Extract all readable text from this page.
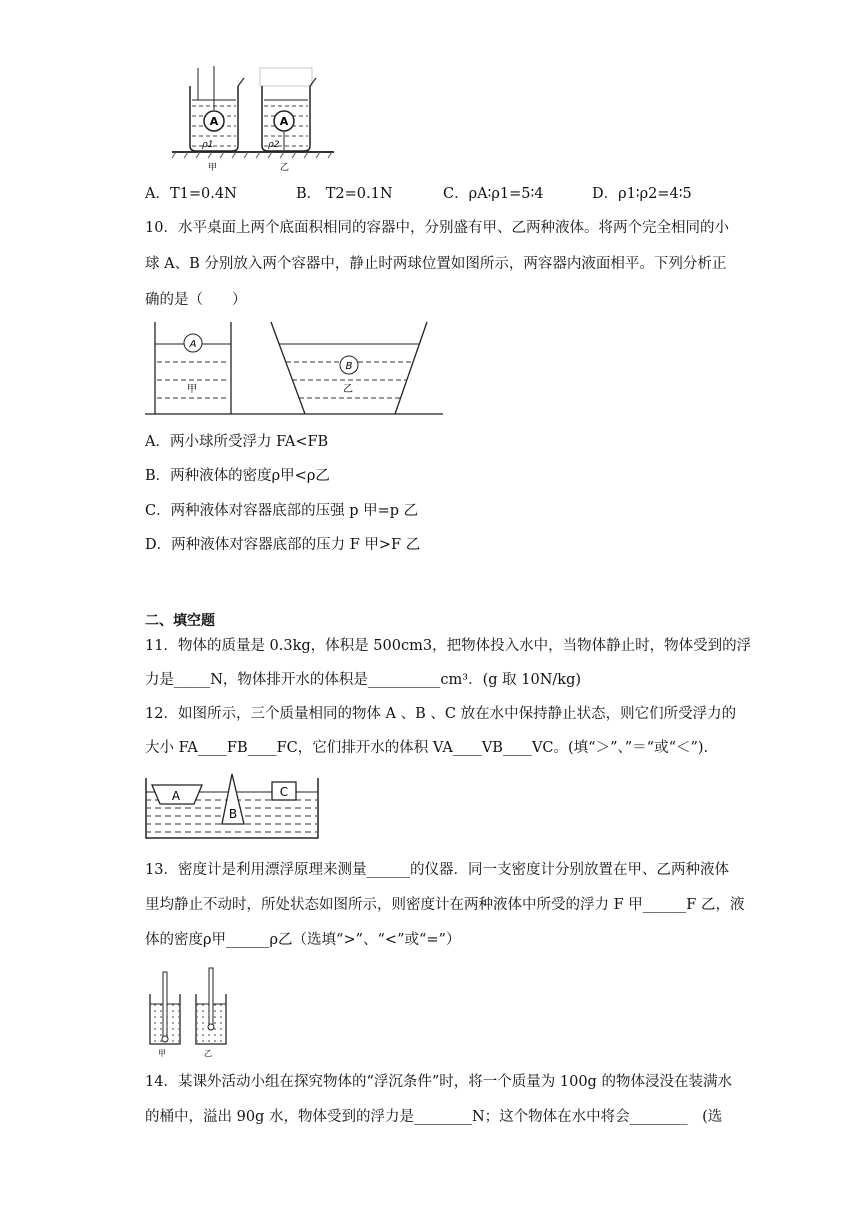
A
ρ1
甲
A
ρ2
乙
A．T1=0.4N	B． T2=0.1N	C．ρA∶ρ1=5∶4	D．ρ1∶ρ2=4∶5
10．水平桌面上两个底面积相同的容器中，分别盛有甲、乙两种液体。将两个完全相同的小
球 A、B 分别放入两个容器中，静止时两球位置如图所示，两容器内液面相平。下列分析正
确的是（　　）
A
甲
B
乙
A．两小球所受浮力 FA<FB
B．两种液体的密度ρ甲<ρ乙
C．两种液体对容器底部的压强 p 甲=p 乙
D．两种液体对容器底部的压力 F 甲>F 乙
二、填空题
11．物体的质量是 0.3kg，体积是 500cm3，把物体投入水中，当物体静止时，物体受到的浮
力是_____N，物体排开水的体积是__________cm³．(g 取 10N/kg)
12．如图所示，三个质量相同的物体 A 、B 、C 放在水中保持静止状态，则它们所受浮力的
大小 FA____FB____FC，它们排开水的体积 VA____VB____VC。(填“＞”、”＝“或“＜”).
A
B
C
13．密度计是利用漂浮原理来测量______的仪器．同一支密度计分别放置在甲、乙两种液体
里均静止不动时，所处状态如图所示，则密度计在两种液体中所受的浮力 F 甲______F 乙，液
体的密度ρ甲______ρ乙（选填“>”、“<”或“=”）
甲	乙
14．某课外活动小组在探究物体的“浮沉条件”时，将一个质量为 100g 的物体浸没在装满水
的桶中，溢出 90g 水，物体受到的浮力是________N；这个物体在水中将会________　(选
